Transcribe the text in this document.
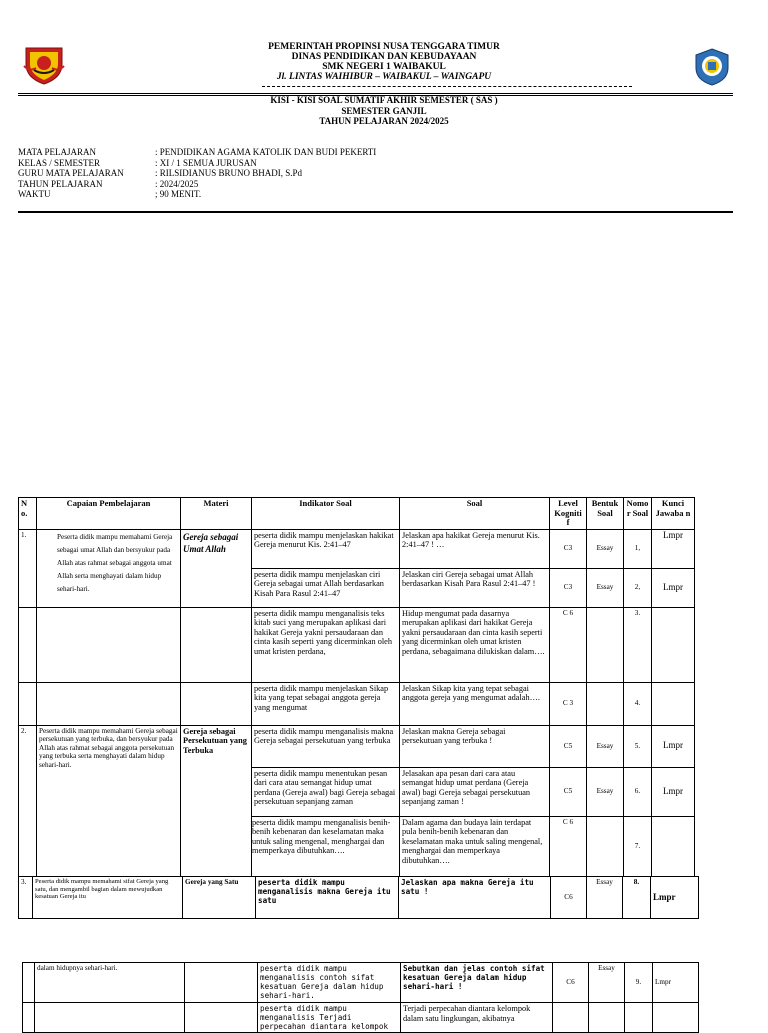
PEMERINTAH PROPINSI NUSA TENGGARA TIMUR
DINAS PENDIDIKAN DAN KEBUDAYAAN
SMK NEGERI 1 WAIBAKUL
Jl. LINTAS WAIHIBUR – WAIBAKUL – WAINGAPU
KISI - KISI SOAL SUMATIF AKHIR SEMESTER ( SAS )
SEMESTER GANJIL
TAHUN PELAJARAN 2024/2025
MATA PELAJARAN	: PENDIDIKAN AGAMA KATOLIK DAN BUDI PEKERTI
KELAS / SEMESTER	: XI / 1 SEMUA JURUSAN
GURU MATA PELAJARAN	: RILSIDIANUS BRUNO BHADI, S.Pd
TAHUN PELAJARAN	: 2024/2025
WAKTU	; 90 MENIT.
N o.	Capaian Pembelajaran	Materi	Indikator Soal	Soal	Level Kogniti f	Bentuk Soal	Nomo r Soal	Kunci Jawaba n
1.	Peserta didik mampu memahami Gereja sebagai umat Allah dan bersyukur pada Allah atas rahmat sebagai anggota umat Allah serta menghayati dalam hidup sehari-hari.	Gereja sebagai Umat Allah	peserta didik mampu menjelaskan hakikat Gereja menurut Kis. 2:41–47	Jelaskan apa hakikat Gereja menurut Kis. 2:41–47 ! …	C3	Essay	1,	Lmpr
			peserta didik mampu menjelaskan ciri Gereja sebagai umat Allah berdasarkan Kisah Para Rasul 2:41–47	Jelaskan ciri Gereja sebagai umat Allah berdasarkan Kisah Para Rasul 2:41–47 !	C3	Essay	2,	Lmpr
			peserta didik mampu menganalisis teks kitab suci yang merupakan aplikasi dari hakikat Gereja yakni persaudaraan dan cinta kasih seperti yang dicerminkan oleh umat kristen perdana,	Hidup mengumat pada dasarnya merupakan aplikasi dari hakikat Gereja yakni persaudaraan dan cinta kasih seperti yang dicerminkan oleh umat kristen perdana, sebagaimana dilukiskan dalam….	C 6		3.	
			peserta didik mampu menjelaskan Sikap kita yang tepat sebagai anggota gereja yang mengumat	Jelaskan Sikap kita yang tepat sebagai anggota gereja yang mengumat adalah….	C 3		4.	
2.	Peserta didik mampu memahami Gereja sebagai persekutuan yang terbuka, dan bersyukur pada Allah atas rahmat sebagai anggota persekutuan yang terbuka serta menghayati dalam hidup sehari-hari.	Gereja sebagai Persekutuan yang Terbuka	peserta didik mampu menganalisis makna Gereja sebagai persekutuan yang terbuka	Jelaskan makna Gereja sebagai persekutuan yang terbuka !	C5	Essay	5.	Lmpr
			peserta didik mampu menentukan pesan dari cara atau semangat hidup umat perdana (Gereja awal) bagi Gereja sebagai persekutuan sepanjang zaman	Jelasakan apa pesan dari cara atau semangat hidup umat perdana (Gereja awal) bagi Gereja sebagai persekutuan sepanjang zaman !	C5	Essay	6.	Lmpr
			peserta didik mampu menganalisis benih-benih kebenaran dan keselamatan maka untuk saling mengenal, menghargai dan memperkaya dibutuhkan….	Dalam agama dan budaya lain terdapat pula benih-benih kebenaran dan keselamatan maka untuk saling mengenal, menghargai dan memperkaya dibutuhkan….	C 6		7.	
3.	Peserta didik mampu memahami sifat Gereja yang satu, dan mengambil bagian dalam mewujudkan kesatuan Gereja itu	Gereja yang Satu	peserta didik mampu menganalisis makna Gereja itu satu	Jelaskan apa makna Gereja itu satu !	C6	Essay	8.	Lmpr
	dalam hidupnya sehari-hari.		peserta didik mampu menganalisis contoh sifat kesatuan Gereja dalam hidup sehari-hari.	Sebutkan dan jelas contoh sifat kesatuan Gereja dalam hidup sehari-hari !	C6	Essay	9.	Lmpr
			peserta didik mampu menganalisis Terjadi perpecahan diantara kelompok	Terjadi perpecahan diantara kelompok dalam satu lingkungan, akibatnya				
